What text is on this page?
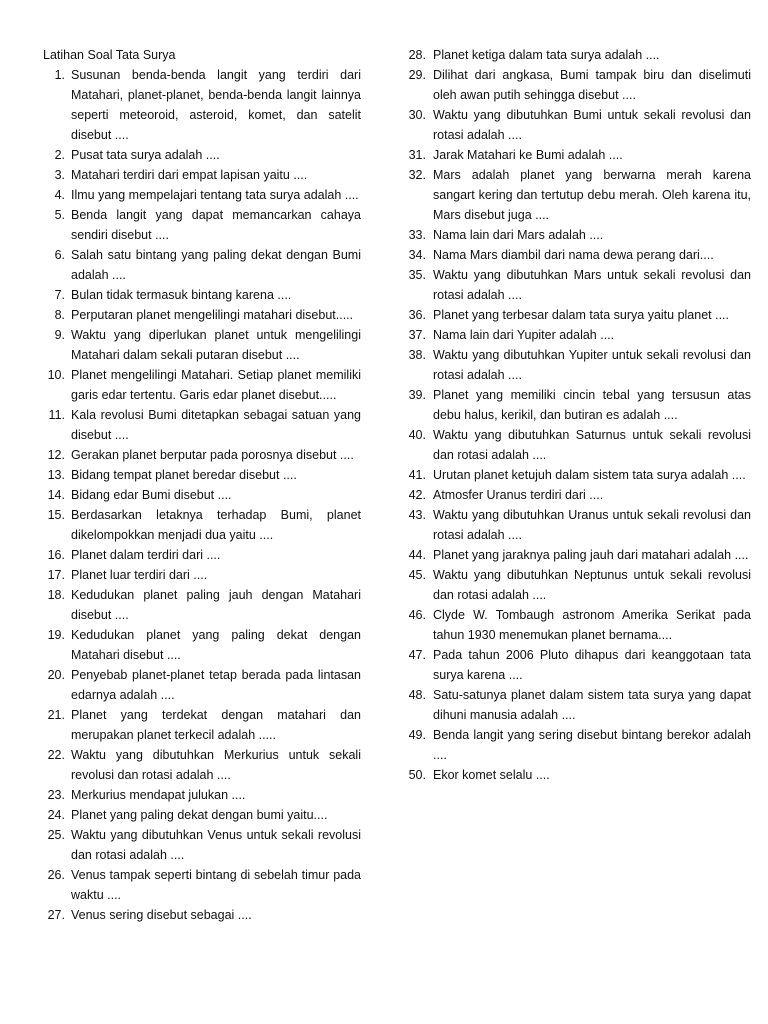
Latihan Soal Tata Surya
1. Susunan benda-benda langit yang terdiri dari Matahari, planet-planet, benda-benda langit lainnya seperti meteoroid, asteroid, komet, dan satelit disebut ....
2. Pusat tata surya adalah ....
3. Matahari terdiri dari empat lapisan yaitu ....
4. Ilmu yang mempelajari tentang tata surya adalah ....
5. Benda langit yang dapat memancarkan cahaya sendiri disebut ....
6. Salah satu bintang yang paling dekat dengan Bumi adalah ....
7. Bulan tidak termasuk bintang karena ....
8. Perputaran planet mengelilingi matahari disebut.....
9. Waktu yang diperlukan planet untuk mengelilingi Matahari dalam sekali putaran disebut ....
10. Planet mengelilingi Matahari. Setiap planet memiliki garis edar tertentu. Garis edar planet disebut.....
11. Kala revolusi Bumi ditetapkan sebagai satuan yang disebut ....
12. Gerakan planet berputar pada porosnya disebut ....
13. Bidang tempat planet beredar disebut ....
14. Bidang edar Bumi disebut ....
15. Berdasarkan letaknya terhadap Bumi, planet dikelompokkan menjadi dua yaitu ....
16. Planet dalam terdiri dari ....
17. Planet luar terdiri dari ....
18. Kedudukan planet paling jauh dengan Matahari disebut ....
19. Kedudukan planet yang paling dekat dengan Matahari disebut ....
20. Penyebab planet-planet tetap berada pada lintasan edarnya adalah ....
21. Planet yang terdekat dengan matahari dan merupakan planet terkecil adalah .....
22. Waktu yang dibutuhkan Merkurius untuk sekali revolusi dan rotasi adalah ....
23. Merkurius mendapat julukan ....
24. Planet yang paling dekat dengan bumi yaitu....
25. Waktu yang dibutuhkan Venus untuk sekali revolusi dan rotasi adalah ....
26. Venus tampak seperti bintang di sebelah timur pada waktu ....
27. Venus sering disebut sebagai ....
28. Planet ketiga dalam tata surya adalah ....
29. Dilihat dari angkasa, Bumi tampak biru dan diselimuti oleh awan putih sehingga disebut ....
30. Waktu yang dibutuhkan Bumi untuk sekali revolusi dan rotasi adalah ....
31. Jarak Matahari ke Bumi adalah ....
32. Mars adalah planet yang berwarna merah karena sangart kering dan tertutup debu merah. Oleh karena itu, Mars disebut juga ....
33. Nama lain dari Mars adalah ....
34. Nama Mars diambil dari nama dewa perang dari....
35. Waktu yang dibutuhkan Mars untuk sekali revolusi dan rotasi adalah ....
36. Planet yang terbesar dalam tata surya yaitu planet ....
37. Nama lain dari Yupiter adalah ....
38. Waktu yang dibutuhkan Yupiter untuk sekali revolusi dan rotasi adalah ....
39. Planet yang memiliki cincin tebal yang tersusun atas debu halus, kerikil, dan butiran es adalah ....
40. Waktu yang dibutuhkan Saturnus untuk sekali revolusi dan rotasi adalah ....
41. Urutan planet ketujuh dalam sistem tata surya adalah ....
42. Atmosfer Uranus terdiri dari ....
43. Waktu yang dibutuhkan Uranus untuk sekali revolusi dan rotasi adalah ....
44. Planet yang jaraknya paling jauh dari matahari adalah ....
45. Waktu yang dibutuhkan Neptunus untuk sekali revolusi dan rotasi adalah ....
46. Clyde W. Tombaugh astronom Amerika Serikat pada tahun 1930 menemukan planet bernama....
47. Pada tahun 2006 Pluto dihapus dari keanggotaan tata surya karena ....
48. Satu-satunya planet dalam sistem tata surya yang dapat dihuni manusia adalah ....
49. Benda langit yang sering disebut bintang berekor adalah ....
50. Ekor komet selalu ....
